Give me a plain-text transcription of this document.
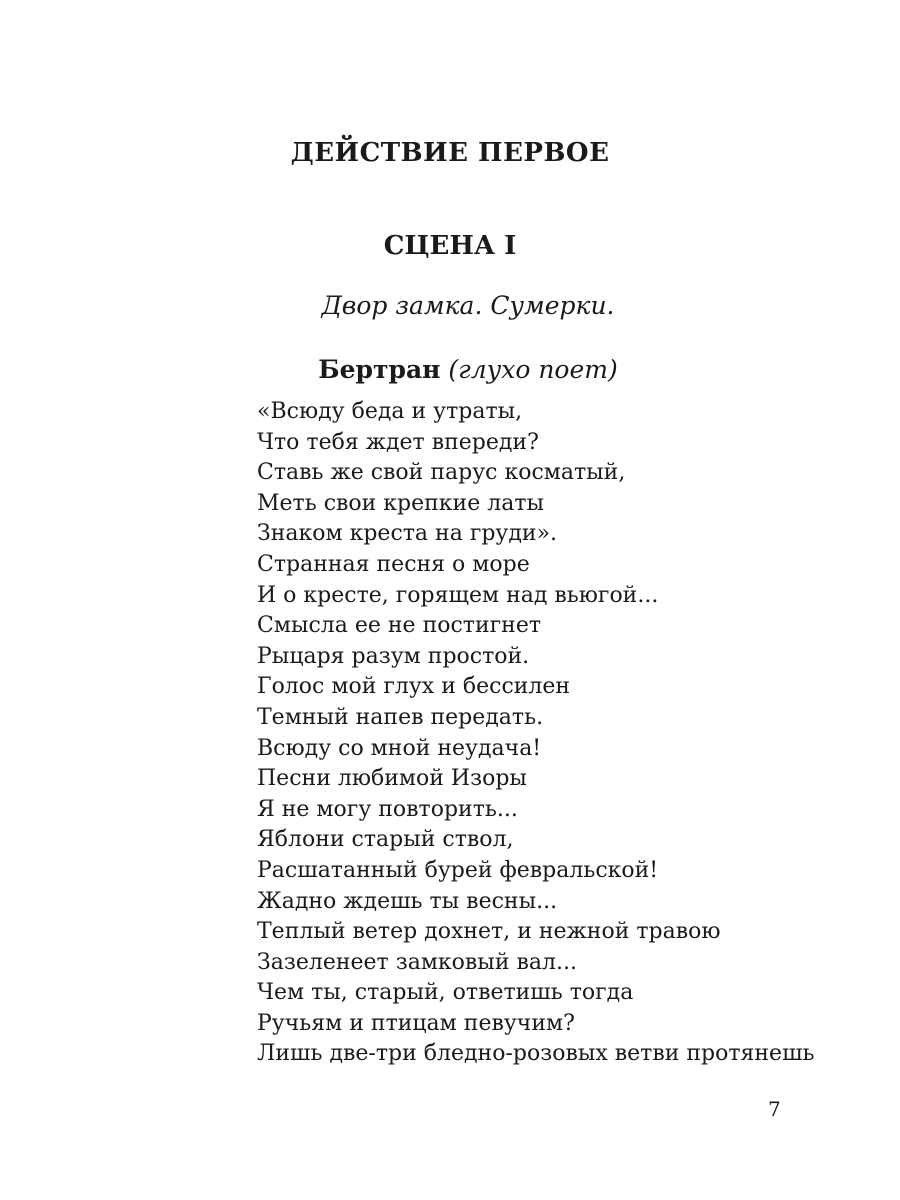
ДЕЙСТВИЕ ПЕРВОЕ
СЦЕНА I
Двор замка. Сумерки.
Бертран (глухо поет)
«Всюду беда и утраты,
Что тебя ждет впереди?
Ставь же свой парус косматый,
Меть свои крепкие латы
Знаком креста на груди».
Странная песня о море
И о кресте, горящем над вьюгой...
Смысла ее не постигнет
Рыцаря разум простой.
Голос мой глух и бессилен
Темный напев передать.
Всюду со мной неудача!
Песни любимой Изоры
Я не могу повторить...
Яблони старый ствол,
Расшатанный бурей февральской!
Жадно ждешь ты весны...
Теплый ветер дохнет, и нежной травою
Зазеленеет замковый вал...
Чем ты, старый, ответишь тогда
Ручьям и птицам певучим?
Лишь две-три бледно-розовых ветви протянешь
7
